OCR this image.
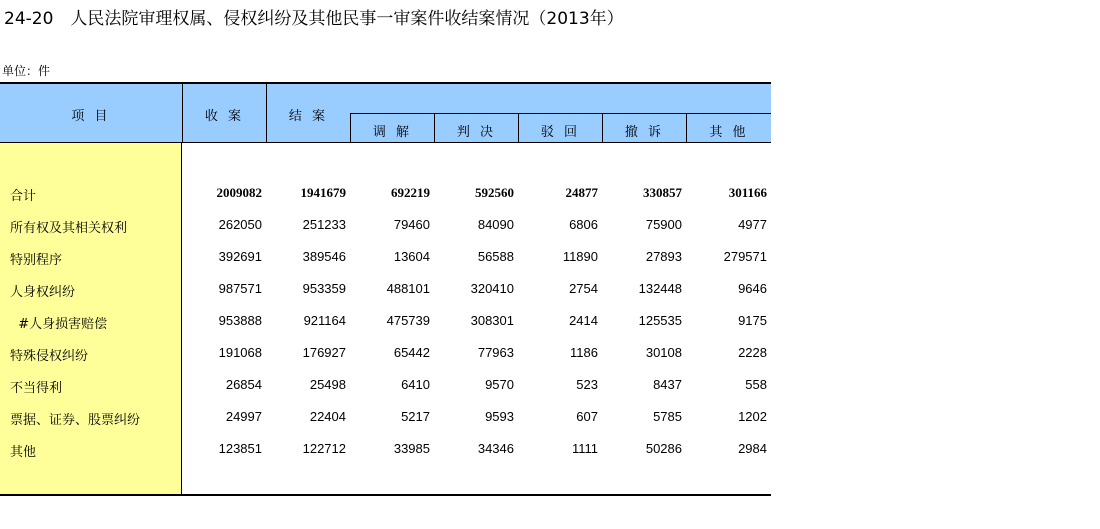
24-20　人民法院审理权属、侵权纠纷及其他民事一审案件收结案情况（2013年）
单位：件
项 目	收 案	结 案
调 解	判 决	驳 回	撤 诉	其 他
合计	2009082	1941679	692219	592560	24877	330857	301166
所有权及其相关权利	262050	251233	79460	84090	6806	75900	4977
特别程序	392691	389546	13604	56588	11890	27893	279571
人身权纠纷	987571	953359	488101	320410	2754	132448	9646
#人身损害赔偿	953888	921164	475739	308301	2414	125535	9175
特殊侵权纠纷	191068	176927	65442	77963	1186	30108	2228
不当得利	26854	25498	6410	9570	523	8437	558
票据、证券、股票纠纷	24997	22404	5217	9593	607	5785	1202
其他	123851	122712	33985	34346	1111	50286	2984
